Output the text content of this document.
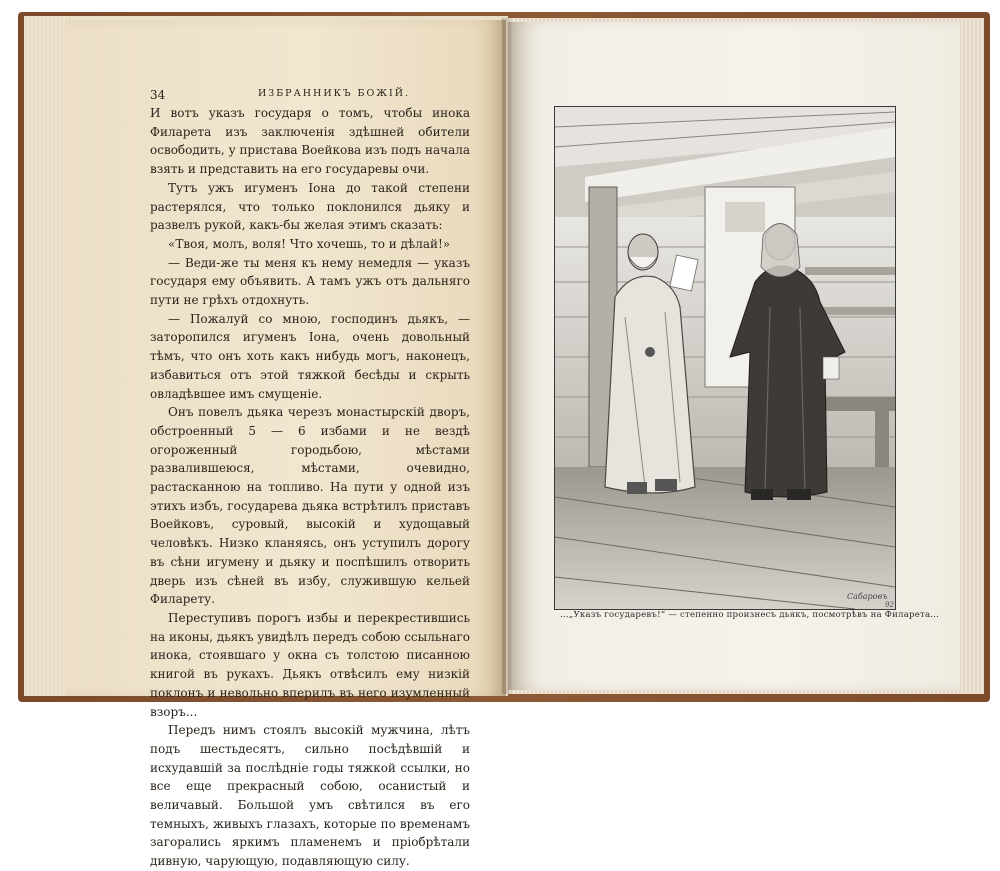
34	ИЗБРАННИКЪ БОЖІЙ.

И вотъ указъ государя о томъ, чтобы инока Филарета изъ заключенія здѣшней обители освободить, у пристава Воейкова изъ подъ начала взять и представить на его государевы очи.

Тутъ ужъ игуменъ Іона до такой степени растерялся, что только поклонился дьяку и развелъ рукой, какъ-бы желая этимъ сказать:

«Твоя, молъ, воля! Что хочешь, то и дѣлай!»

— Веди-же ты меня къ нему немедля — указъ государя ему объявить. А тамъ ужъ отъ дальняго пути не грѣхъ отдохнуть.

— Пожалуй со мною, господинъ дьякъ, — заторопился игуменъ Іона, очень довольный тѣмъ, что онъ хоть какъ нибудь могъ, наконецъ, избавиться отъ этой тяжкой бесѣды и скрыть овладѣвшее имъ смущеніе.

Онъ повелъ дьяка черезъ монастырскій дворъ, обстроенный 5 — 6 избами и не вездѣ огороженный городьбою, мѣстами развалившеюся, мѣстами, очевидно, растасканною на топливо. На пути у одной изъ этихъ избъ, государева дьяка встрѣтилъ приставъ Воейковъ, суровый, высокій и худощавый человѣкъ. Низко кланяясь, онъ уступилъ дорогу въ сѣни игумену и дьяку и поспѣшилъ отворить дверь изъ сѣней въ избу, служившую кельей Филарету.

Переступивъ порогъ избы и перекрестившись на иконы, дьякъ увидѣлъ передъ собою ссыльнаго инока, стоявшаго у окна съ толстою писанною книгой въ рукахъ. Дьякъ отвѣсилъ ему низкій поклонъ и невольно вперилъ въ него изумленный взоръ...

Передъ нимъ стоялъ высокій мужчина, лѣтъ подъ шестьдесятъ, сильно посѣдѣвшій и исхудавшій за послѣдніе годы тяжкой ссылки, но все еще прекрасный собою, осанистый и величавый. Большой умъ свѣтился въ его темныхъ, живыхъ глазахъ, которые по временамъ загорались яркимъ пламенемъ и пріобрѣтали дивную, чарующую, подавляющую силу.

Сабаровъ
92
...„Указъ государевъ!“ — степенно произнесъ дьякъ, посмотрѣвъ на Филарета...
